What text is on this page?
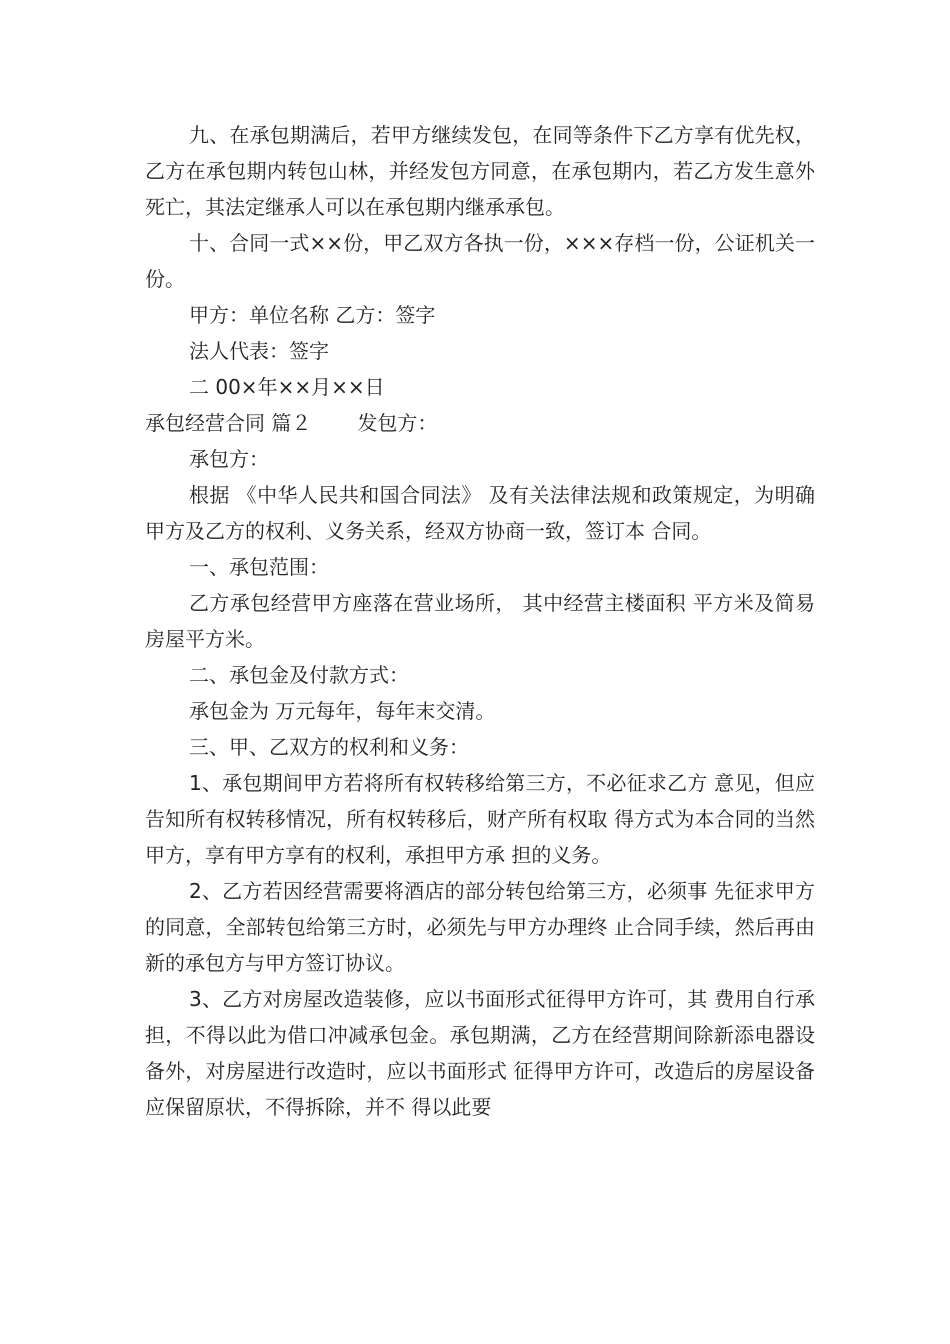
九、在承包期满后，若甲方继续发包，在同等条件下乙方享有优先权，乙方在承包期内转包山林，并经发包方同意，在承包期内，若乙方发生意外死亡，其法定继承人可以在承包期内继承承包。

十、合同一式××份，甲乙双方各执一份，×××存档一份，公证机关一份。

甲方：单位名称 乙方：签字

法人代表：签字

二 00×年××月××日

承包经营合同 篇２ 发包方：

承包方：

根据 《中华人民共和国合同法》 及有关法律法规和政策规定，为明确甲方及乙方的权利、义务关系，经双方协商一致，签订本 合同。

一、承包范围：

乙方承包经营甲方座落在营业场所， 其中经营主楼面积 平方米及简易房屋平方米。

二、承包金及付款方式：

承包金为 万元每年，每年末交清。

三、甲、乙双方的权利和义务：

1、承包期间甲方若将所有权转移给第三方，不必征求乙方 意见，但应告知所有权转移情况，所有权转移后，财产所有权取 得方式为本合同的当然甲方，享有甲方享有的权利，承担甲方承 担的义务。

2、乙方若因经营需要将酒店的部分转包给第三方，必须事 先征求甲方的同意，全部转包给第三方时，必须先与甲方办理终 止合同手续，然后再由新的承包方与甲方签订协议。

3、乙方对房屋改造装修，应以书面形式征得甲方许可，其 费用自行承担，不得以此为借口冲减承包金。承包期满，乙方在经营期间除新添电器设备外，对房屋进行改造时，应以书面形式 征得甲方许可，改造后的房屋设备应保留原状，不得拆除，并不 得以此要
